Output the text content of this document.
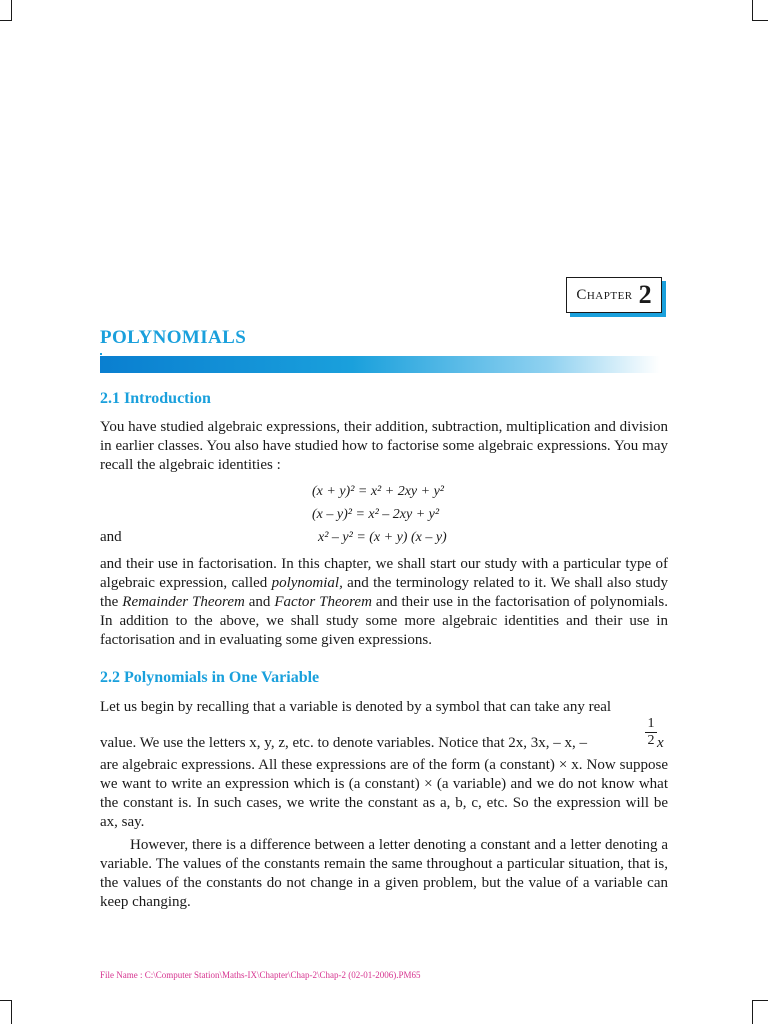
Chapter 2
POLYNOMIALS
2.1 Introduction

You have studied algebraic expressions, their addition, subtraction, multiplication and division in earlier classes. You also have studied how to factorise some algebraic expressions. You may recall the algebraic identities :

(x + y)² = x² + 2xy + y²
(x – y)² = x² – 2xy + y²
and	x² – y² = (x + y) (x – y)

and their use in factorisation. In this chapter, we shall start our study with a particular type of algebraic expression, called polynomial, and the terminology related to it. We shall also study the Remainder Theorem and Factor Theorem and their use in the factorisation of polynomials. In addition to the above, we shall study some more algebraic identities and their use in factorisation and in evaluating some given expressions.

2.2 Polynomials in One Variable

Let us begin by recalling that a variable is denoted by a symbol that can take any real

value. We use the letters x, y, z, etc. to denote variables. Notice that 2x, 3x, – x, –	$\frac{1}{2}$
x

are algebraic expressions. All these expressions are of the form (a constant) × x. Now suppose we want to write an expression which is (a constant) × (a variable) and we do not know what the constant is. In such cases, we write the constant as a, b, c, etc. So the expression will be ax, say.

However, there is a difference between a letter denoting a constant and a letter denoting a variable. The values of the constants remain the same throughout a particular situation, that is, the values of the constants do not change in a given problem, but the value of a variable can keep changing.

File Name : C:\Computer Station\Maths-IX\Chapter\Chap-2\Chap-2 (02-01-2006).PM65
